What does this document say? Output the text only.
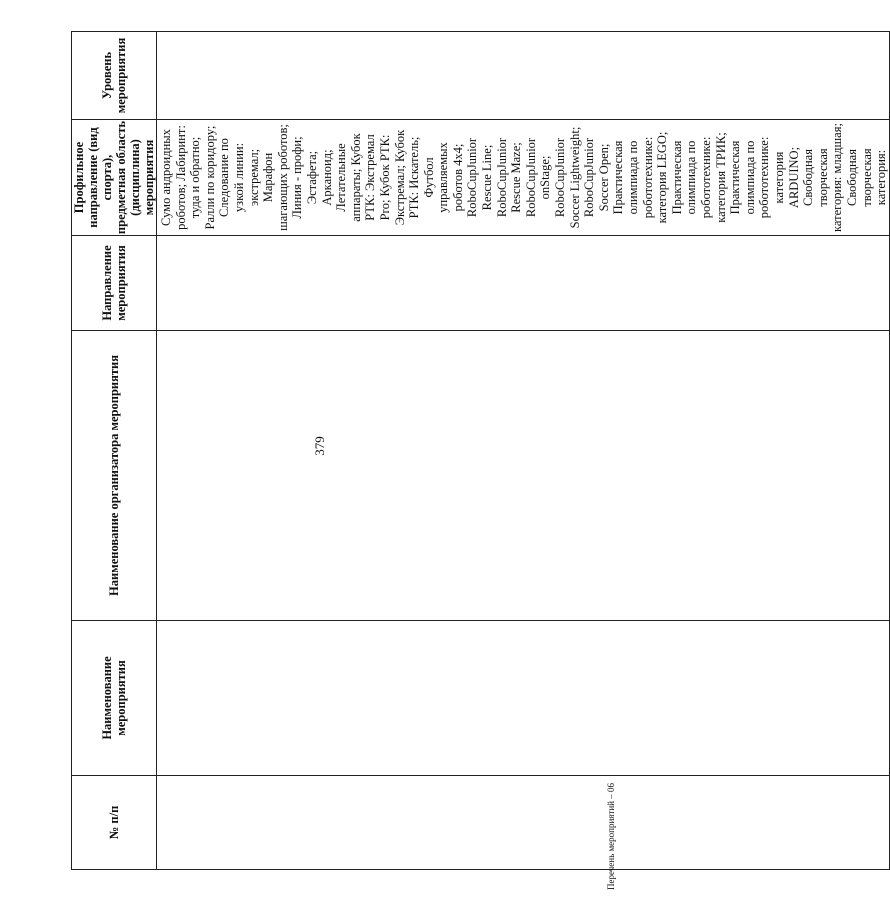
379
№ п/п	Наименование мероприятия	Наименование организатора мероприятия	Направление мероприятия	Профильное направление (вид спорта), предметная область (дисциплина) мероприятия	Уровень мероприятия
				Сумо андроидных роботов; Лабиринт: туда и обратно; Ралли по коридору; Следование по узкой линии: экстремал; Марафон шагающих роботов; Линия - профи; Эстафета; Арканоид; Летательные аппараты; Кубок РТК: Экстремал Pro; Кубок РТК: Экстремал; Кубок РТК: Искатель; Футбол управляемых роботов 4х4; RoboCupJunior Rescue Line; RoboCupJunior Rescue Maze; RoboCupJunior onStage; RoboCupJunior Soccer Lightweight; RoboCupJunior Soccer Open; Практическая олимпиада по робототехнике: категория LEGO; Практическая олимпиада по робототехнике: категория ТРИК; Практическая олимпиада по робототехнике: категория ARDUINO; Свободная творческая категория: младшая; Свободная творческая категория:	
Перечень мероприятий – 06
